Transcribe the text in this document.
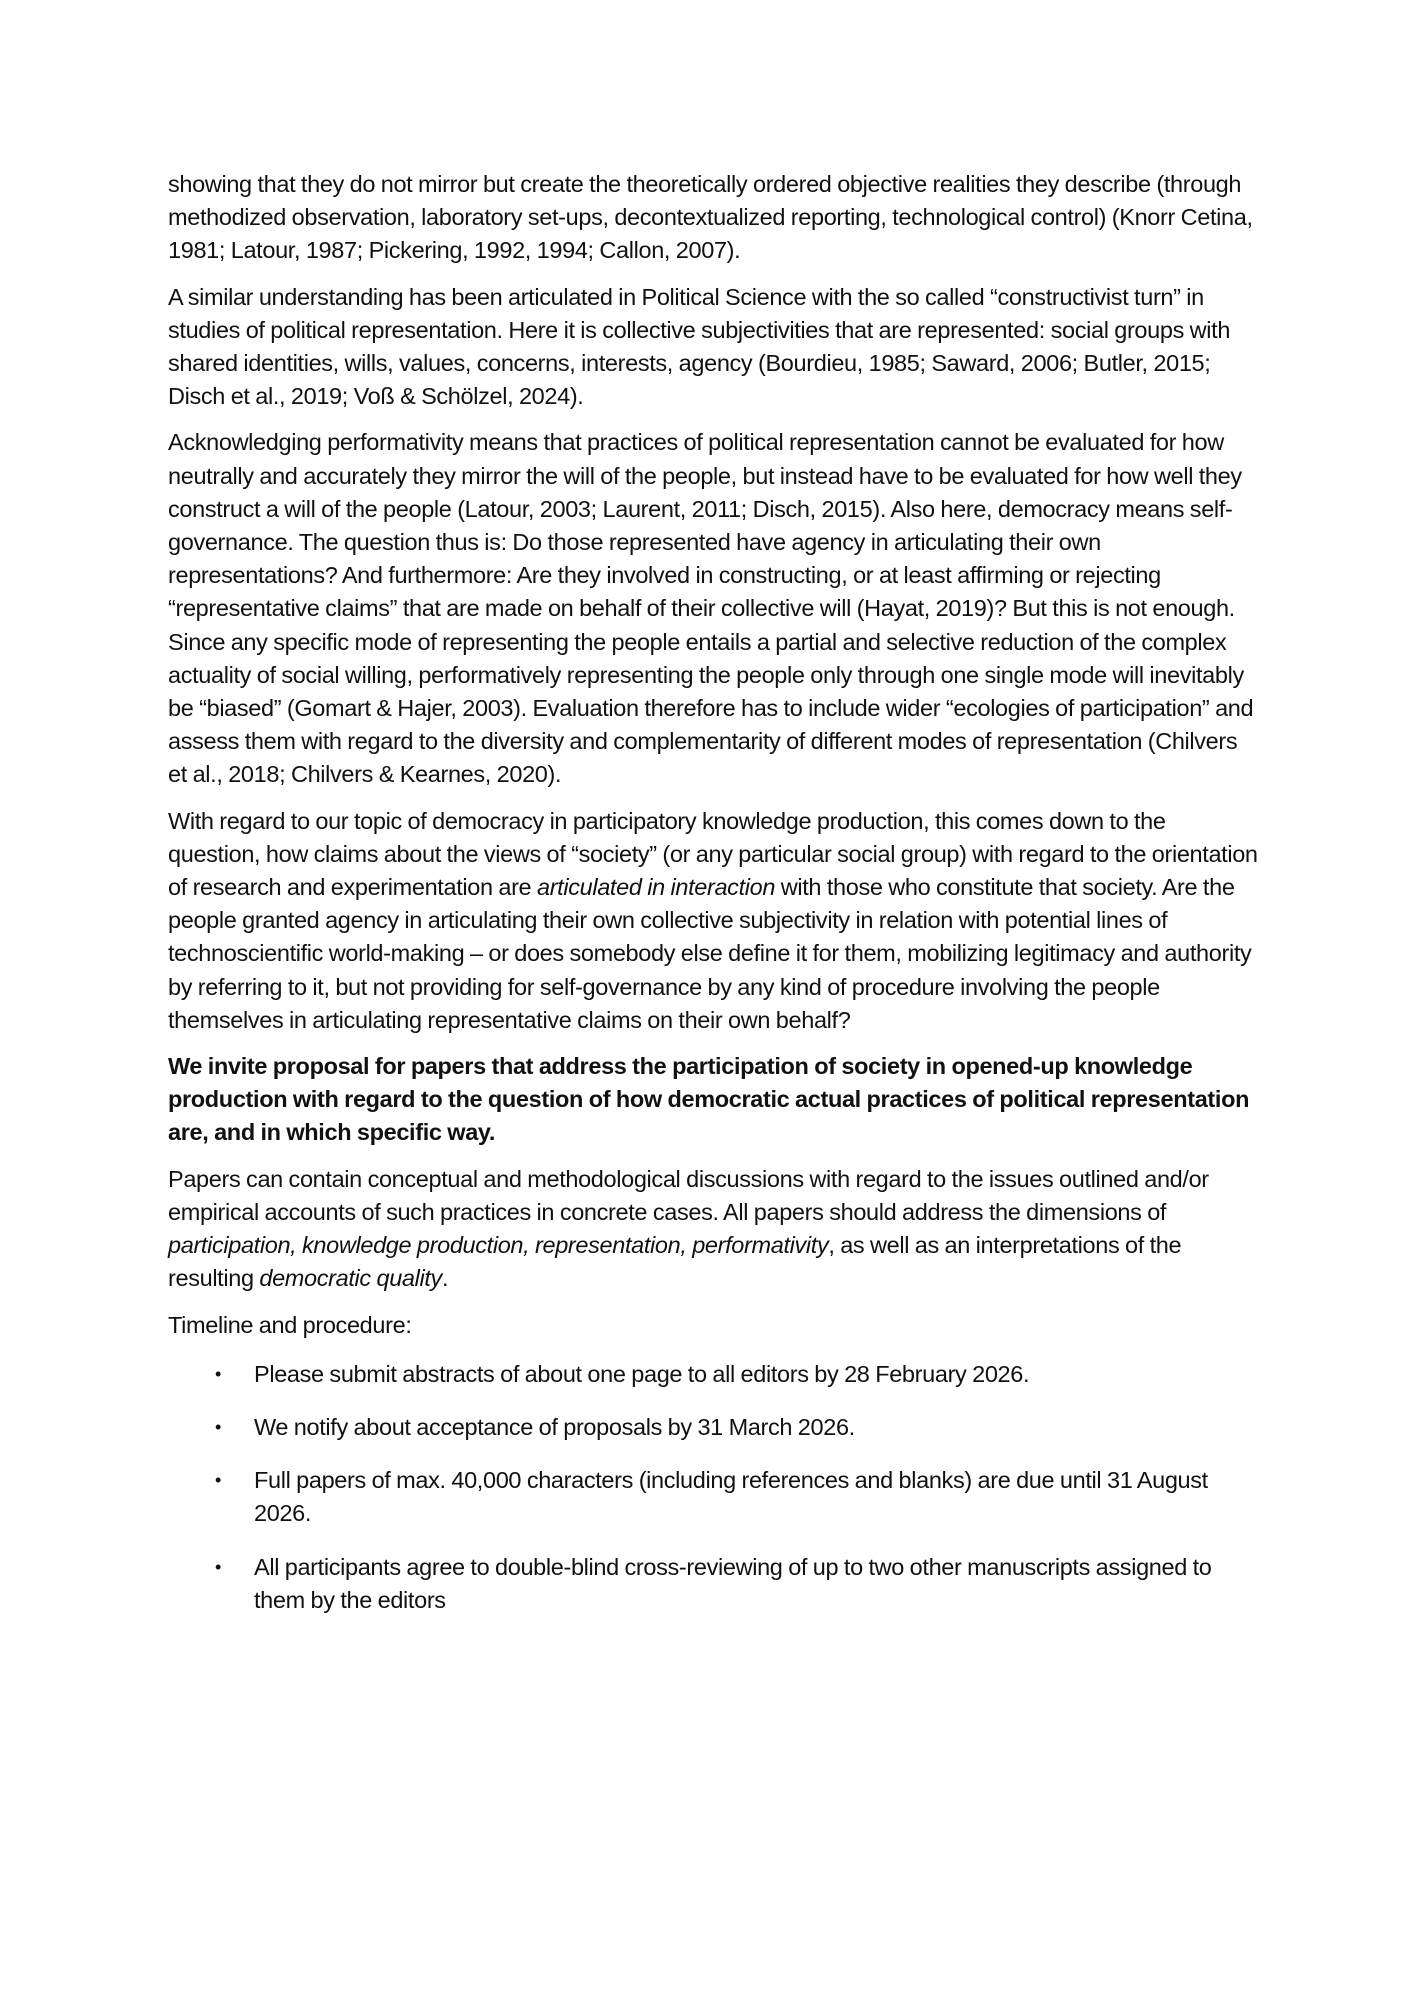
showing that they do not mirror but create the theoretically ordered objective realities they describe (through methodized observation, laboratory set-ups, decontextualized reporting, technological control) (Knorr Cetina, 1981; Latour, 1987; Pickering, 1992, 1994; Callon, 2007).

A similar understanding has been articulated in Political Science with the so called “constructivist turn” in studies of political representation. Here it is collective subjectivities that are represented: social groups with shared identities, wills, values, concerns, interests, agency (Bourdieu, 1985; Saward, 2006; Butler, 2015; Disch et al., 2019; Voß & Schölzel, 2024).

Acknowledging performativity means that practices of political representation cannot be evaluated for how neutrally and accurately they mirror the will of the people, but instead have to be evaluated for how well they construct a will of the people (Latour, 2003; Laurent, 2011; Disch, 2015). Also here, democracy means self-governance. The question thus is: Do those represented have agency in articulating their own representations? And furthermore: Are they involved in constructing, or at least affirming or rejecting “representative claims” that are made on behalf of their collective will (Hayat, 2019)? But this is not enough. Since any specific mode of representing the people entails a partial and selective reduction of the complex actuality of social willing, performatively representing the people only through one single mode will inevitably be “biased” (Gomart & Hajer, 2003). Evaluation therefore has to include wider “ecologies of participation” and assess them with regard to the diversity and complementarity of different modes of representation (Chilvers et al., 2018; Chilvers & Kearnes, 2020).

With regard to our topic of democracy in participatory knowledge production, this comes down to the question, how claims about the views of “society” (or any particular social group) with regard to the orientation of research and experimentation are articulated in interaction with those who constitute that society. Are the people granted agency in articulating their own collective subjectivity in relation with potential lines of technoscientific world-making – or does somebody else define it for them, mobilizing legitimacy and authority by referring to it, but not providing for self-governance by any kind of procedure involving the people themselves in articulating representative claims on their own behalf?

We invite proposal for papers that address the participation of society in opened-up knowledge production with regard to the question of how democratic actual practices of political representation are, and in which specific way.

Papers can contain conceptual and methodological discussions with regard to the issues outlined and/or empirical accounts of such practices in concrete cases. All papers should address the dimensions of participation, knowledge production, representation, performativity, as well as an interpretations of the resulting democratic quality.

Timeline and procedure:

• Please submit abstracts of about one page to all editors by 28 February 2026.
• We notify about acceptance of proposals by 31 March 2026.
• Full papers of max. 40,000 characters (including references and blanks) are due until 31 August 2026.
• All participants agree to double-blind cross-reviewing of up to two other manuscripts assigned to them by the editors
